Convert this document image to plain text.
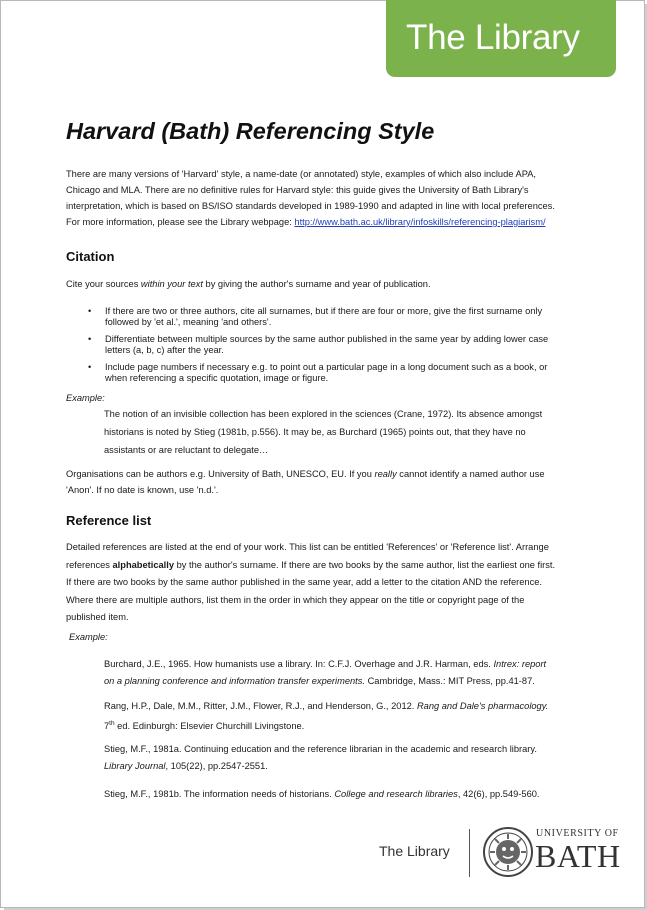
The Library
Harvard (Bath) Referencing Style
There are many versions of 'Harvard' style, a name-date (or annotated) style, examples of which also include APA,
Chicago and MLA. There are no definitive rules for Harvard style: this guide gives the University of Bath Library's
interpretation, which is based on BS/ISO standards developed in 1989-1990 and adapted in line with local preferences.
For more information, please see the Library webpage: http://www.bath.ac.uk/library/infoskills/referencing-plagiarism/
Citation
Cite your sources within your text by giving the author's surname and year of publication.
• If there are two or three authors, cite all surnames, but if there are four or more, give the first surname only
followed by 'et al.', meaning 'and others'.
• Differentiate between multiple sources by the same author published in the same year by adding lower case
letters (a, b, c) after the year.
• Include page numbers if necessary e.g. to point out a particular page in a long document such as a book, or
when referencing a specific quotation, image or figure.
Example:
The notion of an invisible collection has been explored in the sciences (Crane, 1972). Its absence amongst
historians is noted by Stieg (1981b, p.556). It may be, as Burchard (1965) points out, that they have no
assistants or are reluctant to delegate…
Organisations can be authors e.g. University of Bath, UNESCO, EU. If you really cannot identify a named author use
'Anon'. If no date is known, use 'n.d.'.
Reference list
Detailed references are listed at the end of your work. This list can be entitled 'References' or 'Reference list'. Arrange
references alphabetically by the author's surname. If there are two books by the same author, list the earliest one first.
If there are two books by the same author published in the same year, add a letter to the citation AND the reference.
Where there are multiple authors, list them in the order in which they appear on the title or copyright page of the
published item.
Example:
Burchard, J.E., 1965. How humanists use a library. In: C.F.J. Overhage and J.R. Harman, eds. Intrex: report
on a planning conference and information transfer experiments. Cambridge, Mass.: MIT Press, pp.41-87.
Rang, H.P., Dale, M.M., Ritter, J.M., Flower, R.J., and Henderson, G., 2012. Rang and Dale's pharmacology.
7th ed. Edinburgh: Elsevier Churchill Livingstone.
Stieg, M.F., 1981a. Continuing education and the reference librarian in the academic and research library.
Library Journal, 105(22), pp.2547-2551.
Stieg, M.F., 1981b. The information needs of historians. College and research libraries, 42(6), pp.549-560.
The Library
UNIVERSITY OF
BATH
